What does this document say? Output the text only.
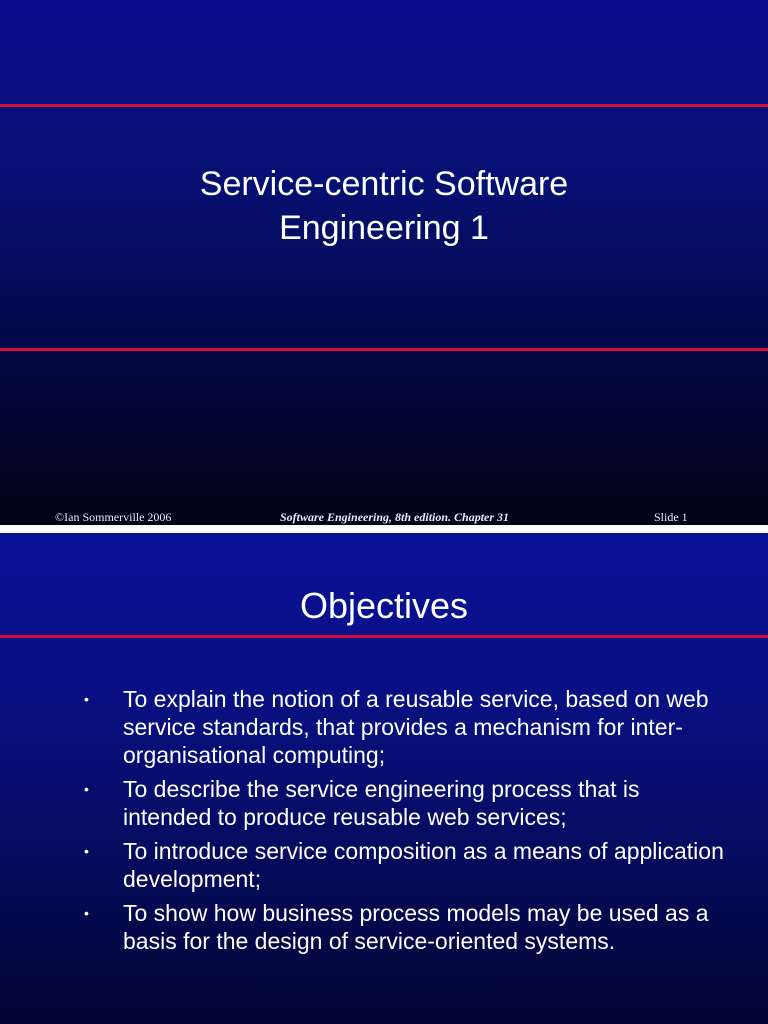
Service-centric Software
Engineering 1
©Ian Sommerville 2006	Software Engineering, 8th edition. Chapter 31	Slide 1
Objectives
• To explain the notion of a reusable service, based on web service standards, that provides a mechanism for inter-organisational computing;
• To describe the service engineering process that is intended to produce reusable web services;
• To introduce service composition as a means of application development;
• To show how business process models may be used as a basis for the design of service-oriented systems.
